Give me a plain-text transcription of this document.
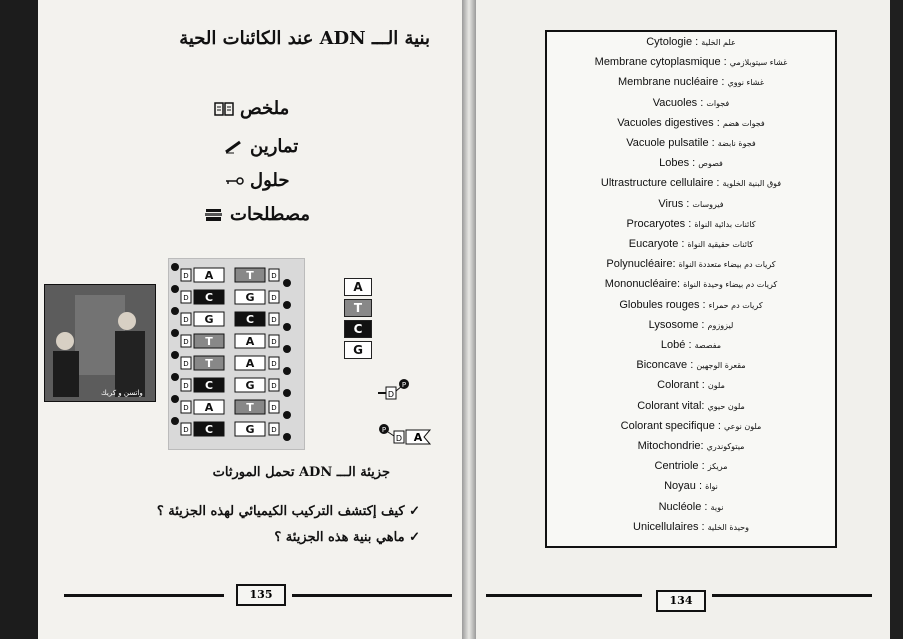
بنية الـــ ADN عند الكائنات الحية
ملخص
تمارين
حلول
مصطلحات
واتسن و كريك
D A	T	D
D C	G D
D G	C D
D T	A D
D T	A D
D C	G D
D A	T	D
D C	G D
A
T
C
G
D
P
P
D A
جزيئة الـــ ADN تحمل المورثات
✓ كيف إكتشف التركيب الكيميائي لهذه الجزيئة ؟
✓ ماهي بنية هذه الجزيئة ؟
135
Cytologie : علم الخلية
Membrane cytoplasmique : غشاء سيتوبلازمي
Membrane nucléaire : غشاء نووي
Vacuoles : فجوات
Vacuoles digestives : فجوات هضم
Vacuole pulsatile : فجوة نابضة
Lobes : فصوص
Ultrastructure cellulaire : فوق البنية الخلوية
Virus : فيروسات
Procaryotes : كائنات بدائية النواة
Eucaryote : كائنات حقيقية النواة
Polynucléaire: كريات دم بيضاء متعددة النواة
Mononucléaire: كريات دم بيضاء وحيدة النواة
Globules rouges : كريات دم حمراء
Lysosome : ليزوزوم
Lobé : مفصصة
Biconcave : مقعرة الوجهين
Colorant : ملون
Colorant vital: ملون حيوي
Colorant specifique : ملون نوعي
Mitochondrie: ميتوكوندري
Centriole : مريكز
Noyau : نواة
Nucléole : نوية
Unicellulaires : وحيدة الخلية
134
